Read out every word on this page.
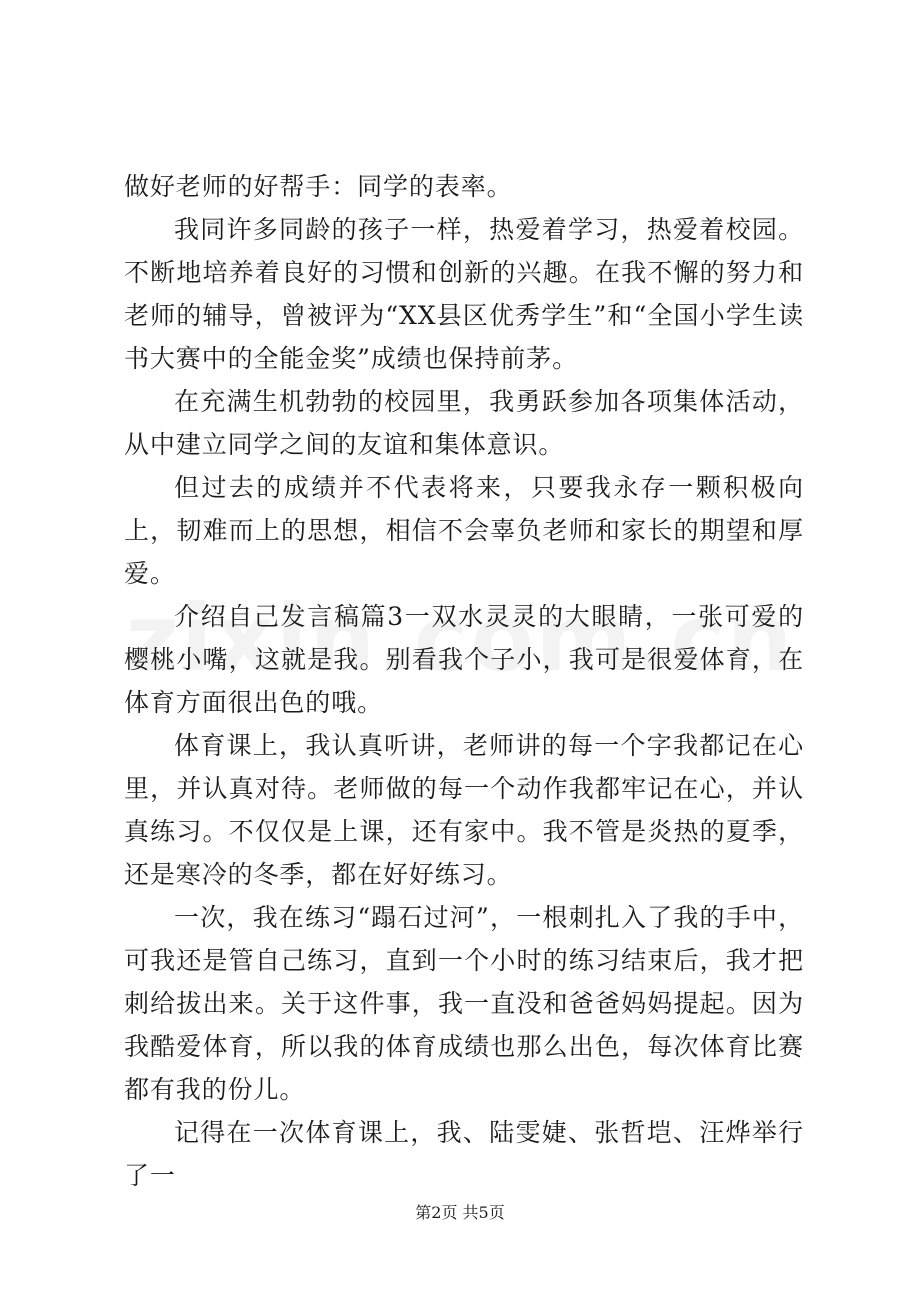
做好老师的好帮手：同学的表率。

我同许多同龄的孩子一样，热爱着学习，热爱着校园。不断地培养着良好的习惯和创新的兴趣。在我不懈的努力和老师的辅导，曾被评为“XX县区优秀学生”和“全国小学生读书大赛中的全能金奖”成绩也保持前茅。

在充满生机勃勃的校园里，我勇跃参加各项集体活动，从中建立同学之间的友谊和集体意识。

但过去的成绩并不代表将来，只要我永存一颗积极向上，韧难而上的思想，相信不会辜负老师和家长的期望和厚爱。

介绍自己发言稿篇3一双水灵灵的大眼睛，一张可爱的樱桃小嘴，这就是我。别看我个子小，我可是很爱体育，在体育方面很出色的哦。

体育课上，我认真听讲，老师讲的每一个字我都记在心里，并认真对待。老师做的每一个动作我都牢记在心，并认真练习。不仅仅是上课，还有家中。我不管是炎热的夏季，还是寒冷的冬季，都在好好练习。

一次，我在练习“蹋石过河”，一根刺扎入了我的手中，可我还是管自己练习，直到一个小时的练习结束后，我才把刺给拔出来。关于这件事，我一直没和爸爸妈妈提起。因为我酷爱体育，所以我的体育成绩也那么出色，每次体育比赛都有我的份儿。

记得在一次体育课上，我、陆雯婕、张哲垲、汪烨举行了一

第2页 共5页
